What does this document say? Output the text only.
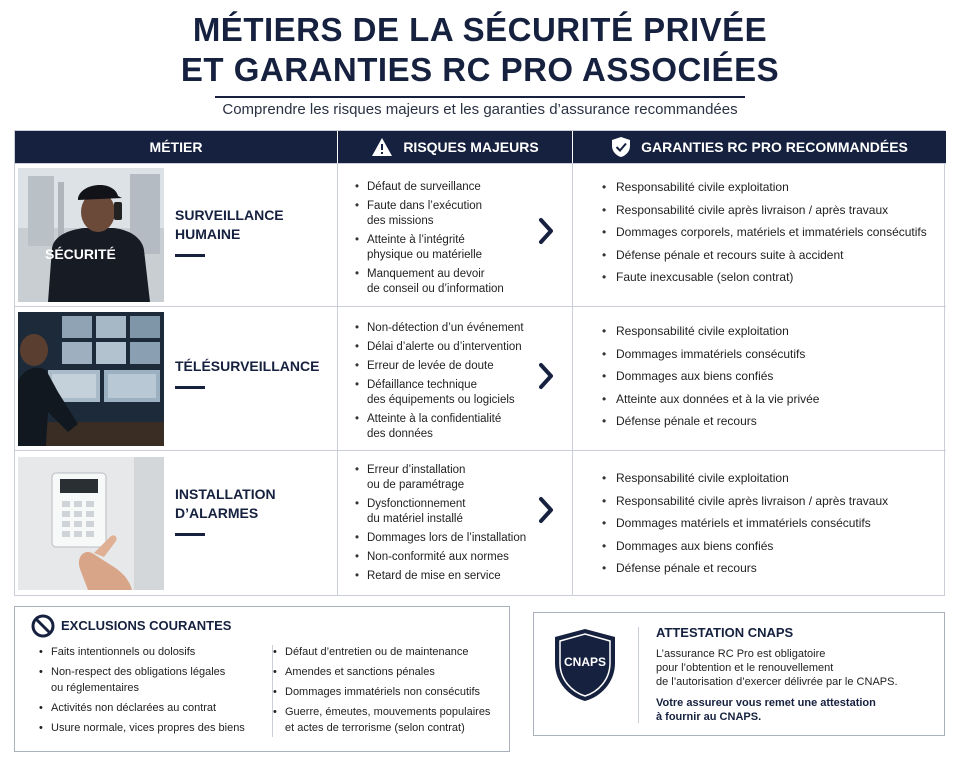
MÉTIERS DE LA SÉCURITÉ PRIVÉE
ET GARANTIES RC PRO ASSOCIÉES
Comprendre les risques majeurs et les garanties d’assurance recommandées
MÉTIER	RISQUES MAJEURS	GARANTIES RC PRO RECOMMANDÉES
SÉCURITÉ
SURVEILLANCE
HUMAINE
• Défaut de surveillance
• Faute dans l’exécution
des missions
• Atteinte à l’intégrité
physique ou matérielle
• Manquement au devoir
de conseil ou d’information
• Responsabilité civile exploitation
• Responsabilité civile après livraison / après travaux
• Dommages corporels, matériels et immatériels consécutifs
• Défense pénale et recours suite à accident
• Faute inexcusable (selon contrat)
TÉLÉSURVEILLANCE
• Non-détection d’un événement
• Délai d’alerte ou d’intervention
• Erreur de levée de doute
• Défaillance technique
des équipements ou logiciels
• Atteinte à la confidentialité
des données
• Responsabilité civile exploitation
• Dommages immatériels consécutifs
• Dommages aux biens confiés
• Atteinte aux données et à la vie privée
• Défense pénale et recours
INSTALLATION
D’ALARMES
• Erreur d’installation
ou de paramétrage
• Dysfonctionnement
du matériel installé
• Dommages lors de l’installation
• Non-conformité aux normes
• Retard de mise en service
• Responsabilité civile exploitation
• Responsabilité civile après livraison / après travaux
• Dommages matériels et immatériels consécutifs
• Dommages aux biens confiés
• Défense pénale et recours
EXCLUSIONS COURANTES
• Faits intentionnels ou dolosifs
• Non-respect des obligations légales
ou réglementaires
• Activités non déclarées au contrat
• Usure normale, vices propres des biens
• Défaut d’entretien ou de maintenance
• Amendes et sanctions pénales
• Dommages immatériels non consécutifs
• Guerre, émeutes, mouvements populaires
et actes de terrorisme (selon contrat)
CNAPS
ATTESTATION CNAPS
L’assurance RC Pro est obligatoire
pour l’obtention et le renouvellement
de l’autorisation d’exercer délivrée par le CNAPS.
Votre assureur vous remet une attestation
à fournir au CNAPS.
